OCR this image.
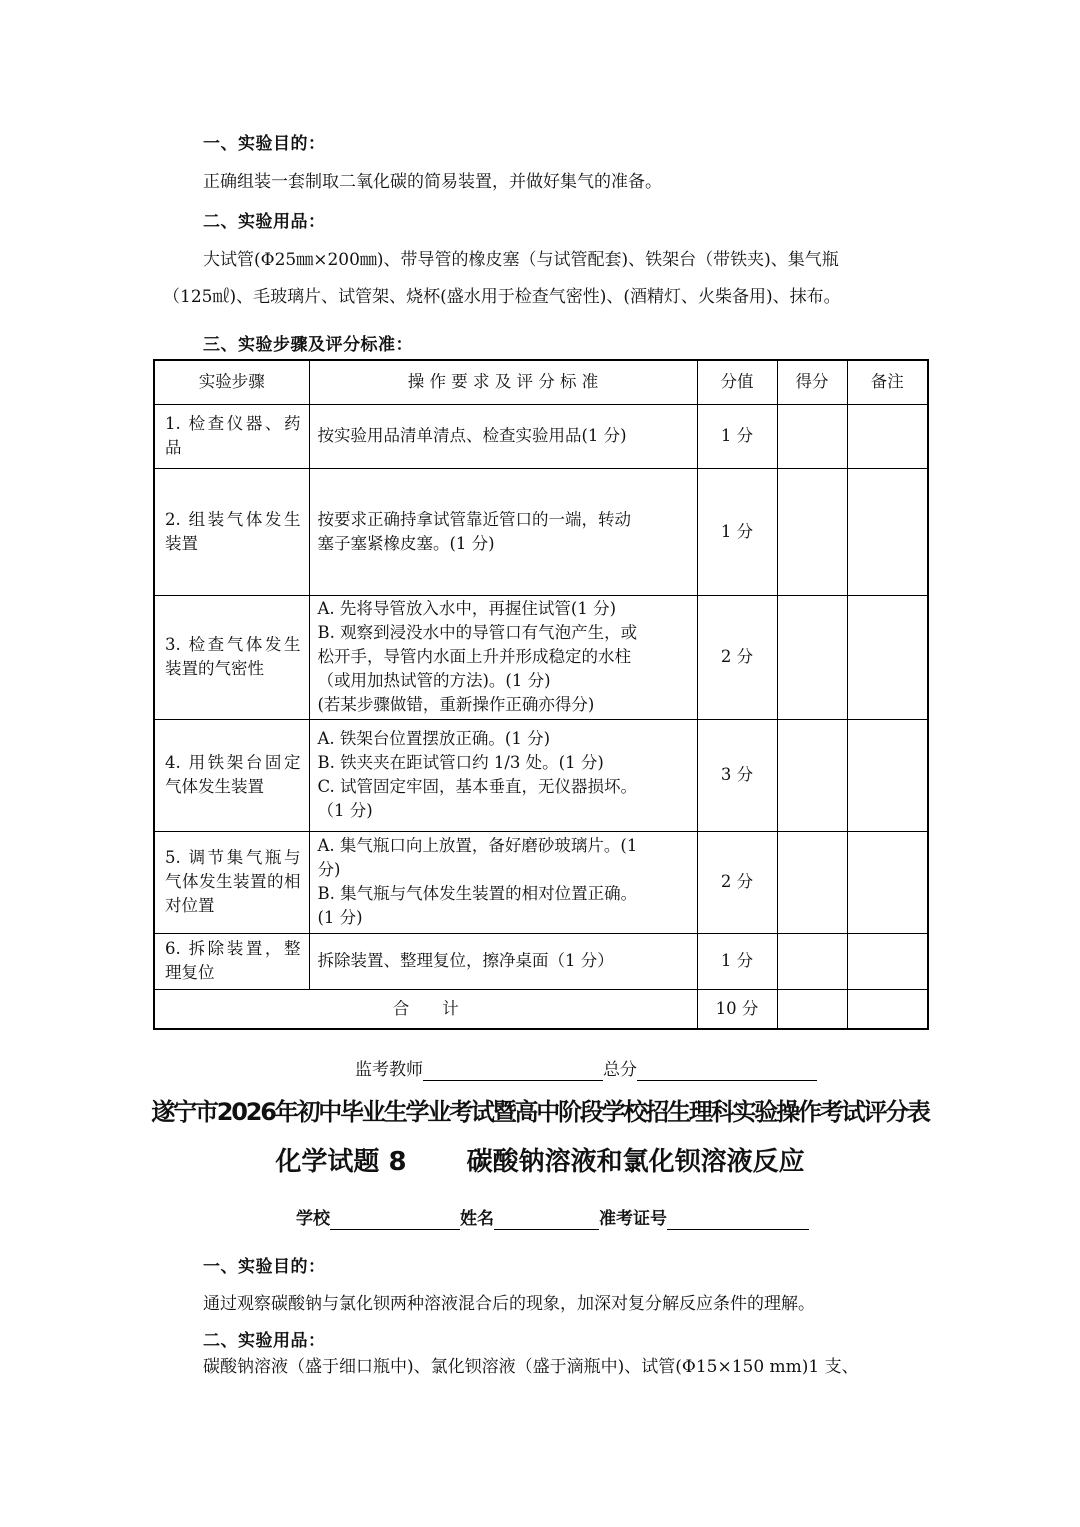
一、实验目的：
正确组装一套制取二氧化碳的简易装置，并做好集气的准备。
二、实验用品：
大试管(Φ25㎜×200㎜)、带导管的橡皮塞（与试管配套)、铁架台（带铁夹)、集气瓶
（125㎖)、毛玻璃片、试管架、烧杯(盛水用于检查气密性)、(酒精灯、火柴备用)、抹布。
三、实验步骤及评分标准：
实验步骤	操 作 要 求 及 评 分 标 准	分值	得分	备注
1. 检查仪器、药品	按实验用品清单清点、检查实验用品(1 分)	1 分		
2. 组装气体发生装置	按要求正确持拿试管靠近管口的一端，转动
塞子塞紧橡皮塞。(1 分)	1 分		
3. 检查气体发生装置的气密性	A. 先将导管放入水中，再握住试管(1 分)
B. 观察到浸没水中的导管口有气泡产生，或
松开手，导管内水面上升并形成稳定的水柱
（或用加热试管的方法)。(1 分)
(若某步骤做错，重新操作正确亦得分)	2 分		
4. 用铁架台固定气体发生装置	A. 铁架台位置摆放正确。(1 分)
B. 铁夹夹在距试管口约 1/3 处。(1 分)
C. 试管固定牢固，基本垂直，无仪器损坏。
（1 分)	3 分		
5. 调节集气瓶与气体发生装置的相对位置	A. 集气瓶口向上放置，备好磨砂玻璃片。(1
分)
B. 集气瓶与气体发生装置的相对位置正确。
(1 分)	2 分		
6. 拆除装置，整理复位	拆除装置、整理复位，擦净桌面（1 分）	1 分		
合　　计		10 分		
监考教师	总分
遂宁市2026年初中毕业生学业考试暨高中阶段学校招生理科实验操作考试评分表
化学试题 8 碳酸钠溶液和氯化钡溶液反应
学校	姓名	准考证号
一、实验目的：
通过观察碳酸钠与氯化钡两种溶液混合后的现象，加深对复分解反应条件的理解。
二、实验用品：
碳酸钠溶液（盛于细口瓶中)、氯化钡溶液（盛于滴瓶中)、试管(Φ15×150 mm)1 支、
